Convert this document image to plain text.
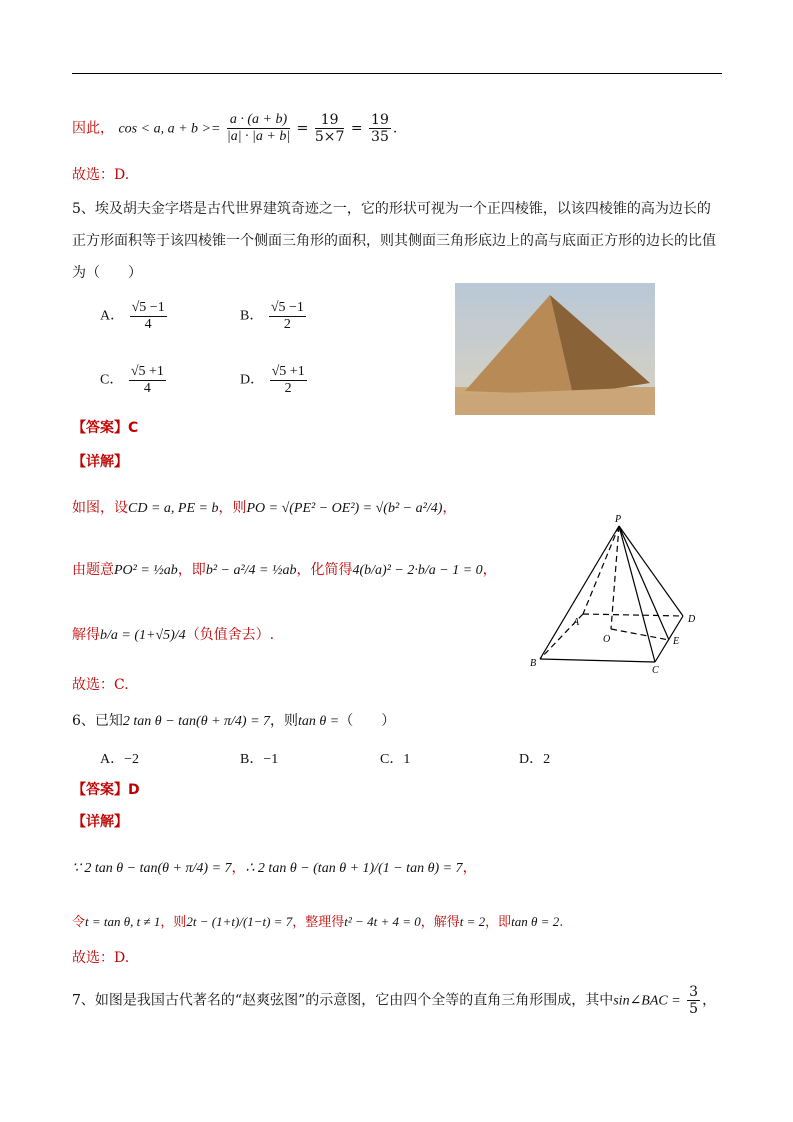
因此， cos < a, $a + b >= \frac{a \cdot (a + b)}{|a| \cdot |a + b|} = \frac{19}{5\times 7} = \frac{19}{35}$ .
故选：D.
5、埃及胡夫金字塔是古代世界建筑奇迹之一，它的形状可视为一个正四棱锥，以该四棱锥的高为边长的正方形面积等于该四棱锥一个侧面三角形的面积，则其侧面三角形底边上的高与底面正方形的边长的比值为（　　）
A． $\frac{√5 -1}{4}$	B． $\frac{√5 -1}{2}$
C． $\frac{√5 +1}{4}$	D． $\frac{√5 +1}{2}$
【答案】C
【详解】
如图，设CD = a, PE = b，则PO = √(PE² − OE²) = √(b² − a²/4)，
由题意PO² = ½ab，即b² − a²/4 = ½ab，化简得4(b/a)² − 2·b/a − 1 = 0，
解得b/a = (1+√5)/4（负值舍去）.
P
A
O
D
E
B
C
故选：C.
6、已知2 tan θ − tan(θ + π/4) = 7，则tan θ =（　　）
A．−2	B．−1	C．1	D．2
【答案】D
【详解】
∵ 2 tan θ − tan(θ + π/4) = 7，∴ 2 tan θ − (tan θ + 1)/(1 − tan θ) = 7，
令t = tan θ, t ≠ 1，则2t − (1+t)/(1−t) = 7，整理得t² − 4t + 4 = 0，解得t = 2，即tan θ = 2.
故选：D.
7、如图是我国古代著名的“赵爽弦图”的示意图，它由四个全等的直角三角形围成，其中sin∠BAC = $\frac{3}{5}$ ，
